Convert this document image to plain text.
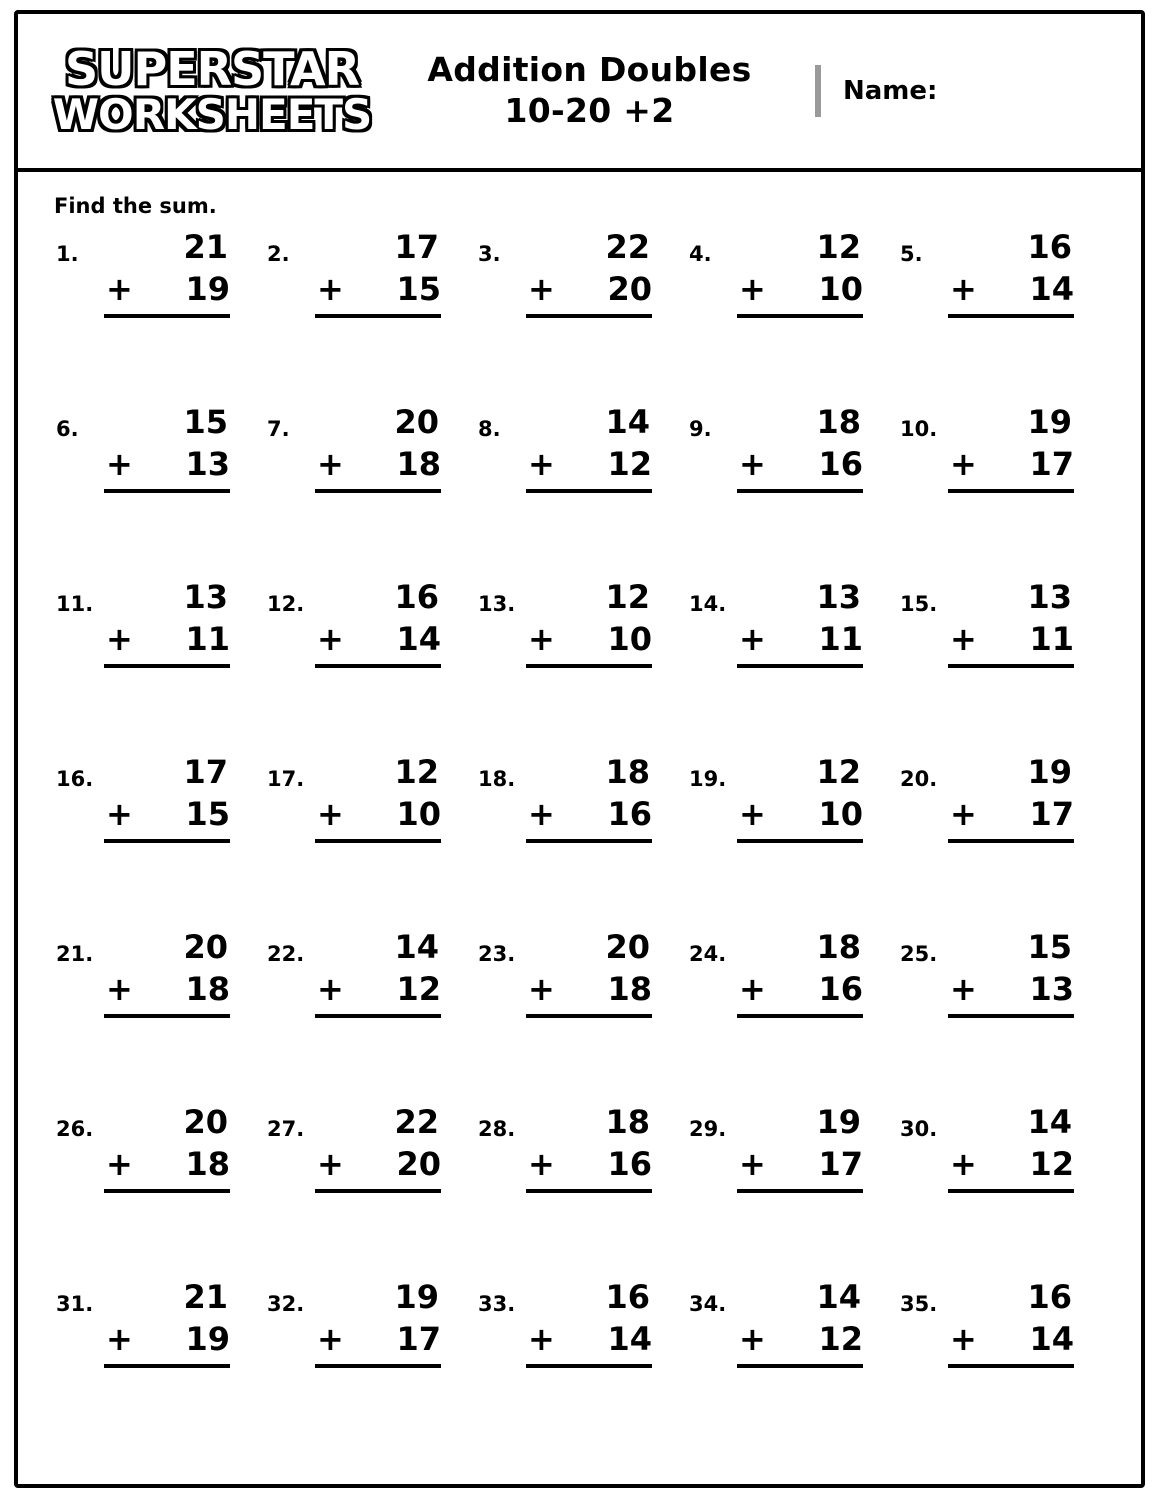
SUPERSTAR
WORKSHEETS
Addition Doubles
10-20 +2	Name:
Find the sum.
1.	21
+ 19
2.	17
+ 15
3.	22
+ 20
4.	12
+ 10
5.	16
+ 14
6.	15
+ 13
7.	20
+ 18
8.	14
+ 12
9.	18
+ 16
10.	19
+ 17
11.	13
+ 11
12.	16
+ 14
13.	12
+ 10
14.	13
+ 11
15.	13
+ 11
16.	17
+ 15
17.	12
+ 10
18.	18
+ 16
19.	12
+ 10
20.	19
+ 17
21.	20
+ 18
22.	14
+ 12
23.	20
+ 18
24.	18
+ 16
25.	15
+ 13
26.	20
+ 18
27.	22
+ 20
28.	18
+ 16
29.	19
+ 17
30.	14
+ 12
31.	21
+ 19
32.	19
+ 17
33.	16
+ 14
34.	14
+ 12
35.	16
+ 14
